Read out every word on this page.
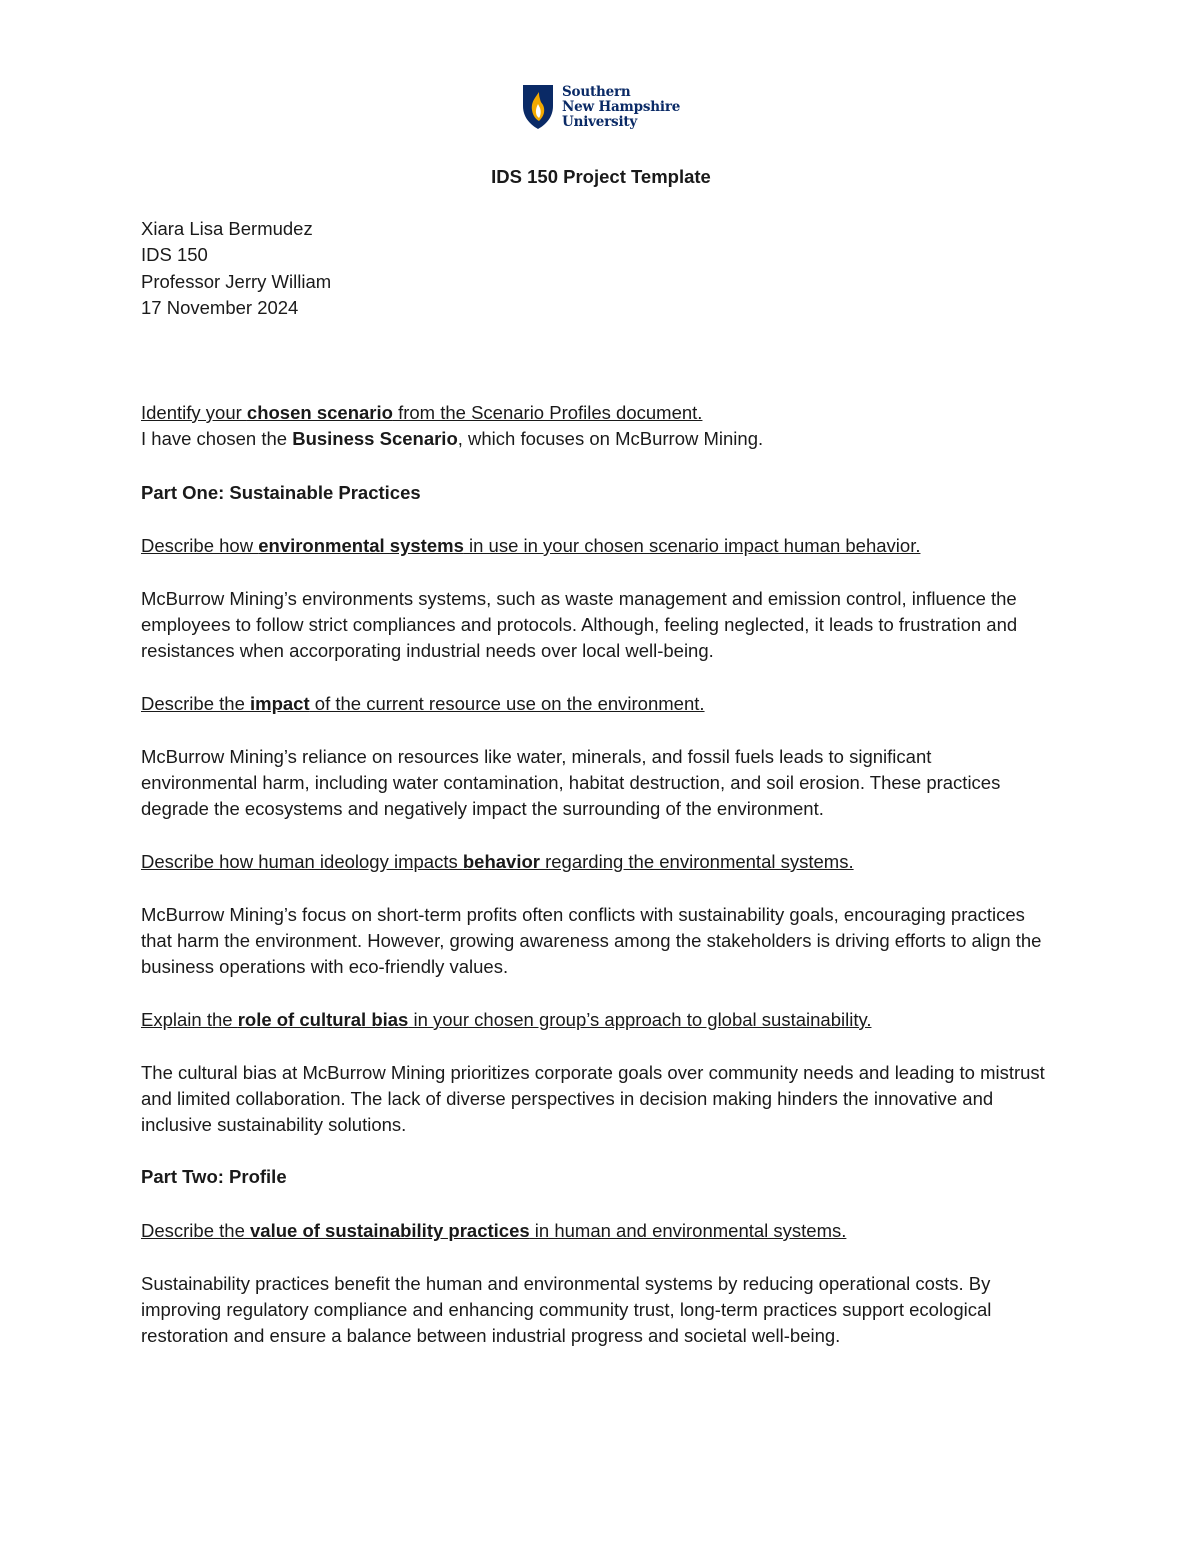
Southern
New Hampshire
University

IDS 150 Project Template

Xiara Lisa Bermudez
IDS 150
Professor Jerry William
17 November 2024
Identify your chosen scenario from the Scenario Profiles document.
I have chosen the Business Scenario, which focuses on McBurrow Mining.
Part One: Sustainable Practices
Describe how environmental systems in use in your chosen scenario impact human behavior.

McBurrow Mining’s environments systems, such as waste management and emission control, influence the employees to follow strict compliances and protocols. Although, feeling neglected, it leads to frustration and resistances when accorporating industrial needs over local well-being.

Describe the impact of the current resource use on the environment.

McBurrow Mining’s reliance on resources like water, minerals, and fossil fuels leads to significant environmental harm, including water contamination, habitat destruction, and soil erosion. These practices degrade the ecosystems and negatively impact the surrounding of the environment.

Describe how human ideology impacts behavior regarding the environmental systems.

McBurrow Mining’s focus on short-term profits often conflicts with sustainability goals, encouraging practices that harm the environment. However, growing awareness among the stakeholders is driving efforts to align the business operations with eco-friendly values.

Explain the role of cultural bias in your chosen group’s approach to global sustainability.

The cultural bias at McBurrow Mining prioritizes corporate goals over community needs and leading to mistrust and limited collaboration. The lack of diverse perspectives in decision making hinders the innovative and inclusive sustainability solutions.

Part Two: Profile
Describe the value of sustainability practices in human and environmental systems.

Sustainability practices benefit the human and environmental systems by reducing operational costs. By improving regulatory compliance and enhancing community trust, long-term practices support ecological restoration and ensure a balance between industrial progress and societal well-being.
